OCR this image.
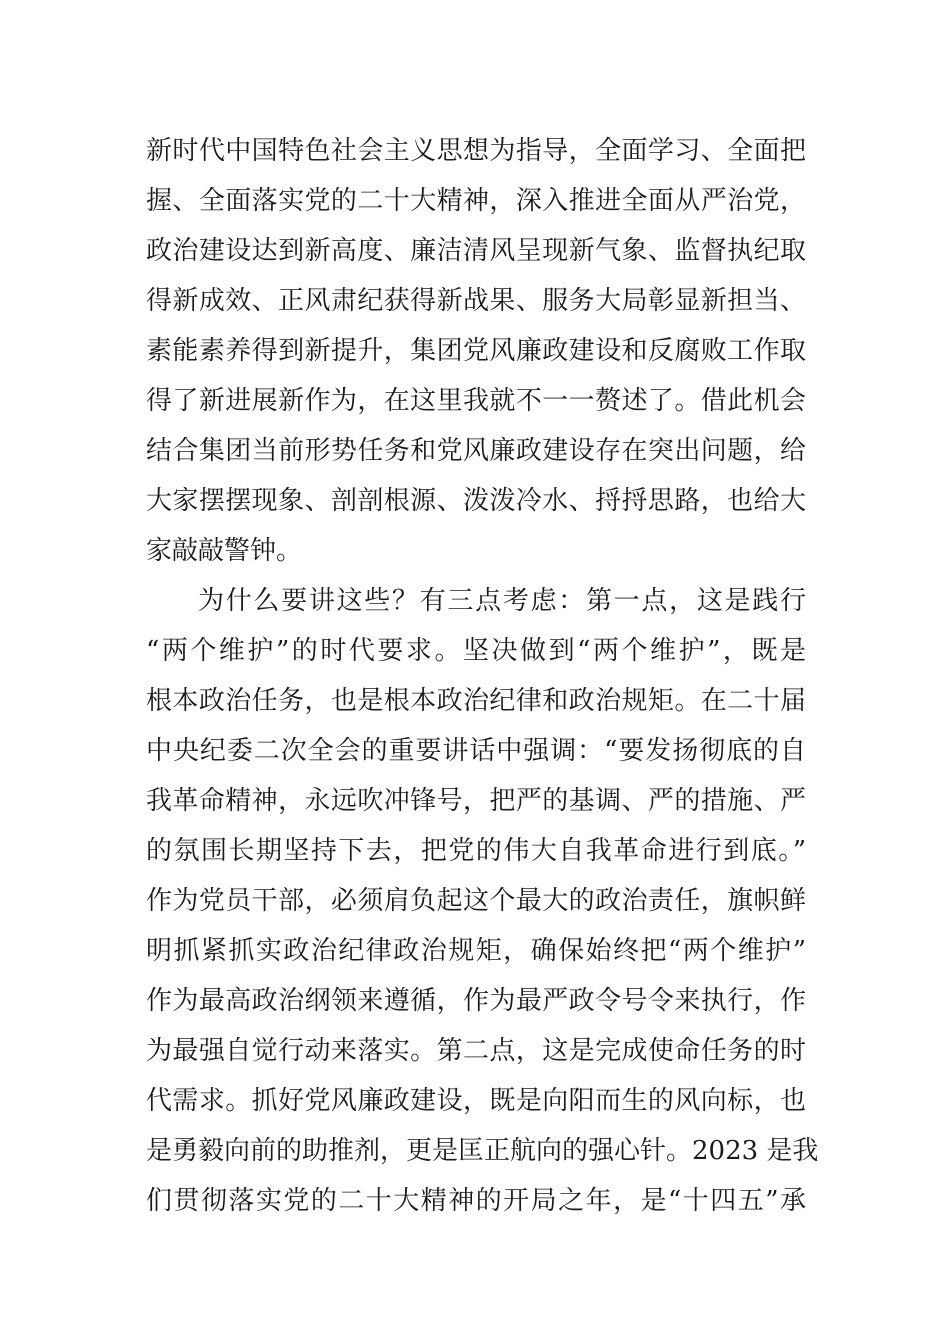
新时代中国特色社会主义思想为指导，全面学习、全面把
握、全面落实党的二十大精神，深入推进全面从严治党，
政治建设达到新高度、廉洁清风呈现新气象、监督执纪取
得新成效、正风肃纪获得新战果、服务大局彰显新担当、
素能素养得到新提升，集团党风廉政建设和反腐败工作取
得了新进展新作为，在这里我就不一一赘述了。借此机会
结合集团当前形势任务和党风廉政建设存在突出问题，给
大家摆摆现象、剖剖根源、泼泼冷水、捋捋思路，也给大
家敲敲警钟。
为什么要讲这些？有三点考虑：第一点，这是践行
“两个维护”的时代要求。坚决做到“两个维护”，既是
根本政治任务，也是根本政治纪律和政治规矩。在二十届
中央纪委二次全会的重要讲话中强调：“要发扬彻底的自
我革命精神，永远吹冲锋号，把严的基调、严的措施、严
的氛围长期坚持下去，把党的伟大自我革命进行到底。”
作为党员干部，必须肩负起这个最大的政治责任，旗帜鲜
明抓紧抓实政治纪律政治规矩，确保始终把“两个维护”
作为最高政治纲领来遵循，作为最严政令号令来执行，作
为最强自觉行动来落实。第二点，这是完成使命任务的时
代需求。抓好党风廉政建设，既是向阳而生的风向标，也
是勇毅向前的助推剂，更是匡正航向的强心针。2023 是我
们贯彻落实党的二十大精神的开局之年，是“十四五”承
